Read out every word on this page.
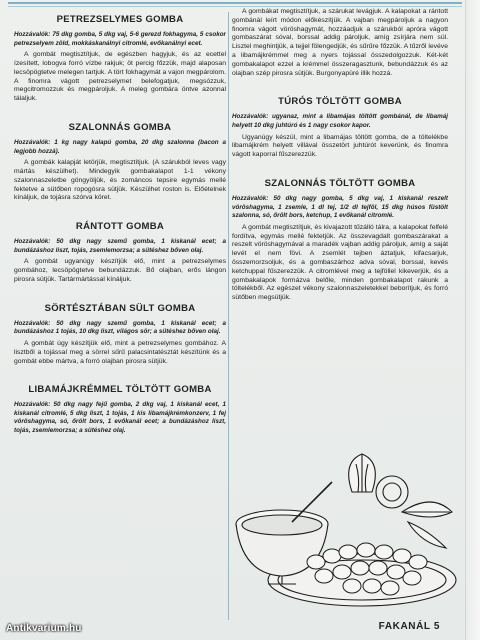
PETREZSELYMES GOMBA
Hozzávalók: 75 dkg gomba, 5 dkg vaj, 5-6 gerezd fokhagyma, 5 csokor petrezselyem zöld, mokkáskanálnyi citromlé, evőkanálnyi ecet.

A gombát megtisztítjuk, de egészben hagyjuk, és az ecettel ízesített, lobogva forró vízbe rakjuk; öt percig főzzük, majd alaposan lecsöpögtetve melegen tartjuk. A tört fokhagymát a vajon megpárolom. A finomra vágott petrezselymet belefogatjuk, megsózzuk, megcitromozzuk és megpároljuk. A meleg gombára öntve azonnal tálaljuk.

SZALONNÁS GOMBA
Hozzávalók: 1 kg nagy kalapú gomba, 20 dkg szalonna (bacon a legjobb hozzá).

A gombák kalapját letörjük, megtisztítjuk. (A szárukból leves vagy mártás készülhet). Mindegyik gombakalapot 1-1 vékony szalonnaszeletbe göngyöljük, és zománcos tepsire egymás mellé fektetve a sütőben ropogósra sütjük. Készülhet roston is. Előételnek kínáljuk, de tojásra szórva köret.

RÁNTOTT GOMBA
Hozzávalók: 50 dkg nagy szemű gomba, 1 kiskanál ecet; a bundázáshoz liszt, tojás, zsemlemorzsa; a sütéshez bőven olaj.

A gombát ugyanúgy készítjük elő, mint a petrezselymes gombához, lecsöpögtetve bebundázzuk. Bő olajban, erős lángon pirosra sütjük. Tartármártással kínáljuk.

SÖRTÉSZTÁBAN SÜLT GOMBA
Hozzávalók: 50 dkg nagy szemű gomba, 1 kiskanál ecet; a bundázáshoz 1 tojás, 10 dkg liszt, világos sör; a sütéshez bőven olaj.

A gombát úgy készítjük elő, mint a petrezselymes gombához. A lisztből a tojással meg a sörrel sűrű palacsintatésztát készítünk és a gombát ebbe mártva, a forró olajban pirosra sütjük.

LIBAMÁJKRÉMMEL TÖLTÖTT GOMBA
Hozzávalók: 50 dkg nagy fejű gomba, 2 dkg vaj, 1 kiskanál ecet, 1 kiskanál citromlé, 5 dkg liszt, 1 tojás, 1 kis libamájkrémkonzerv, 1 fej vöröshagyma, só, őrölt bors, 1 evőkanál ecet; a bundázáshoz liszt, tojás, zsemlemorzsa; a sütéshez olaj.

A gombákat megtisztítjuk, a szárukat levágjuk. A kalapokat a rántott gombánál leírt módon előkészítjük. A vajban megpároljuk a nagyon finomra vágott vöröshagymát, hozzáadjuk a szárukból apróra vágott gombaszárat sóval, borssal addig pároljuk, amíg zsírjára nem sül. Lisztel meghintjük, a tejjel fölengedjük, és sűrűre főzzük. A tűzről levéve a libamájkrémmel meg a nyers tojással összedolgozzuk. Két-két gombakalapot ezzel a krémmel összeragasztunk, bebundázzuk és az olajban szép pirosra sütjük. Burgonyapüré illik hozzá.

TÚRÓS TÖLTÖTT GOMBA
Hozzávalók: ugyanaz, mint a libamájas töltött gombánál, de libamáj helyett 10 dkg juhtúró és 1 nagy csokor kapor.

Ugyanúgy készül, mint a libamájas töltött gomba, de a töltelékbe libamájkrém helyett villával összetört juhtúrót keverünk, és finomra vágott kaporral fűszerezzük.

SZALONNÁS TÖLTÖTT GOMBA
Hozzávalók: 50 dkg nagy gomba, 5 dkg vaj, 1 kiskanál reszelt vöröshagyma, 1 zsemle, 1 dl tej, 1/2 dl tejföl, 15 dkg húsos füstölt szalonna, só, őrölt bors, ketchup, 1 evőkanál citromlé.

A gombát megtisztítjuk, és kivajazott tűzálló tálra, a kalapokat felfelé fordítva, egymás mellé fektetjük. Az összevagdalt gombaszárakat a reszelt vöröshagymával a maradék vajban addig pároljuk, amíg a saját levét el nem fövi. A zsemlét tejben áztatjuk, kifacsarjuk, összemorzsoljuk, és a gombaszárhoz adva sóval, borssal, kevés ketchuppal fűszerezzük. A citromlével meg a tejföllel kikeverjük, és a gombakalapok formázva belőle, minden gombakalapot rakunk a töltelékből. Az egészet vékony szalonnaszeletekkel beborítjuk, és forró sütőben megsütjük.

FAKANÁL 5
Antikvarium.hu
